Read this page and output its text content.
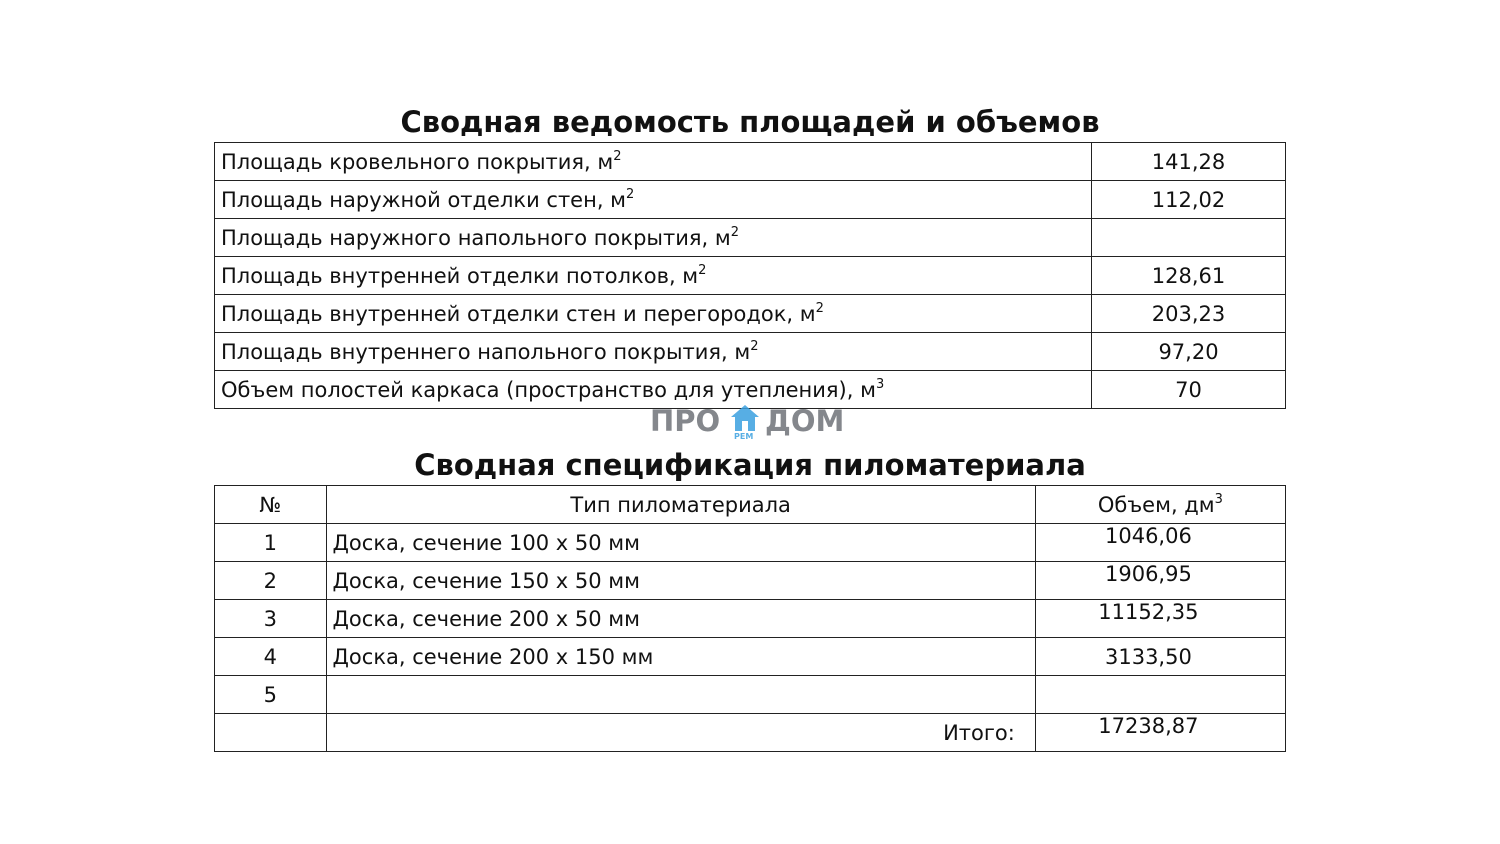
Сводная ведомость площадей и объемов
Площадь кровельного покрытия, $м^2$	141,28
Площадь наружной отделки стен, $м^2$	112,02
Площадь наружного напольного покрытия, $м^2$	
Площадь внутренней отделки потолков, $м^2$	128,61
Площадь внутренней отделки стен и перегородок, $м^2$	203,23
Площадь внутреннего напольного покрытия, $м^2$	97,20
Объем полостей каркаса (пространство для утепления), $м^3$	70
ПРО РЕМ ДОМ
Сводная спецификация пиломатериала
№	Тип пиломатериала	Объем, $дм^3$
1	Доска, сечение 100 х 50 мм	1046,06
2	Доска, сечение 150 х 50 мм	1906,95
3	Доска, сечение 200 х 50 мм	11152,35
4	Доска, сечение 200 х 150 мм	3133,50
5		
	Итого:	17238,87
